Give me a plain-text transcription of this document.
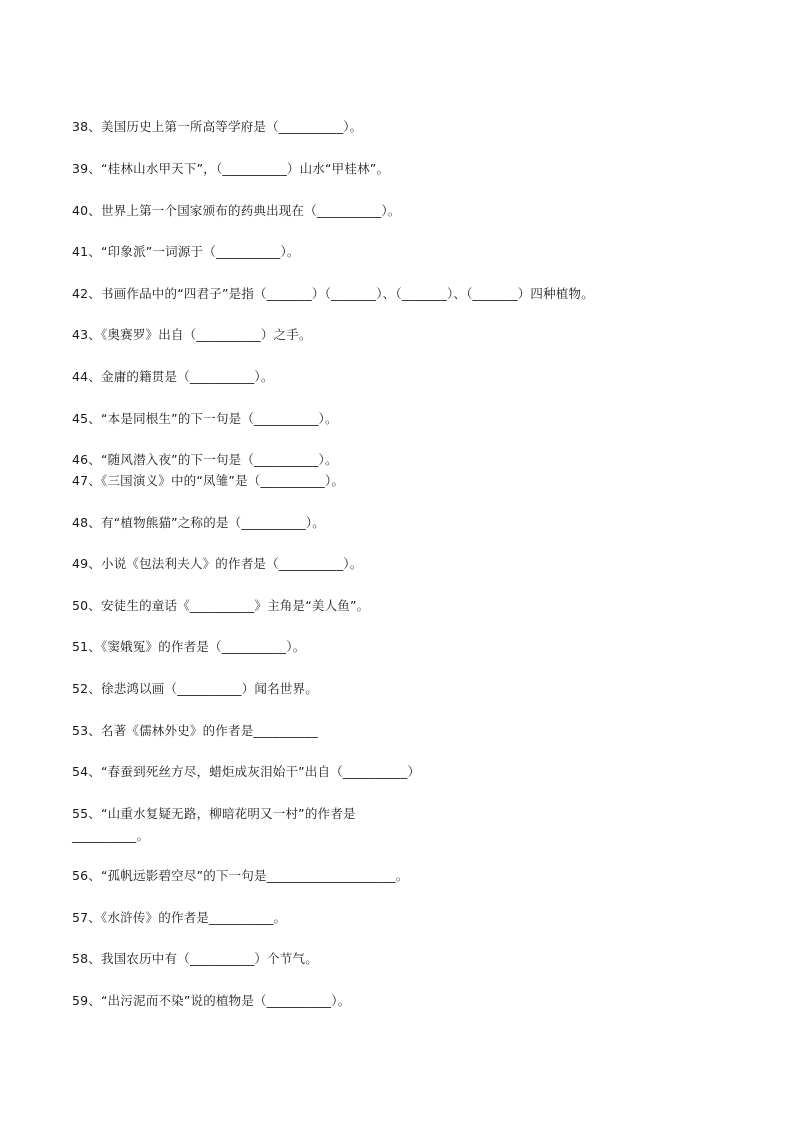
38、美国历史上第一所高等学府是（__________）。
39、“桂林山水甲天下”，（__________）山水“甲桂林”。
40、世界上第一个国家颁布的药典出现在（__________）。
41、“印象派”一词源于（__________）。
42、书画作品中的“四君子”是指（_______）（_______）、（_______）、（_______）四种植物。
43、《奥赛罗》出自（__________）之手。
44、金庸的籍贯是（__________）。
45、“本是同根生”的下一句是（__________）。
46、“随风潜入夜”的下一句是（__________）。
47、《三国演义》中的“凤雏”是（__________）。
48、有“植物熊猫”之称的是（__________）。
49、小说《包法利夫人》的作者是（__________）。
50、安徒生的童话《__________》主角是“美人鱼”。
51、《窦娥冤》的作者是（__________）。
52、徐悲鸿以画（__________）闻名世界。
53、名著《儒林外史》的作者是__________
54、“春蚕到死丝方尽，蜡炬成灰泪始干”出自（__________）
55、“山重水复疑无路，柳暗花明又一村”的作者是
__________。
56、“孤帆远影碧空尽”的下一句是____________________。
57、《水浒传》的作者是__________。
58、我国农历中有（__________）个节气。
59、“出污泥而不染”说的植物是（__________）。
